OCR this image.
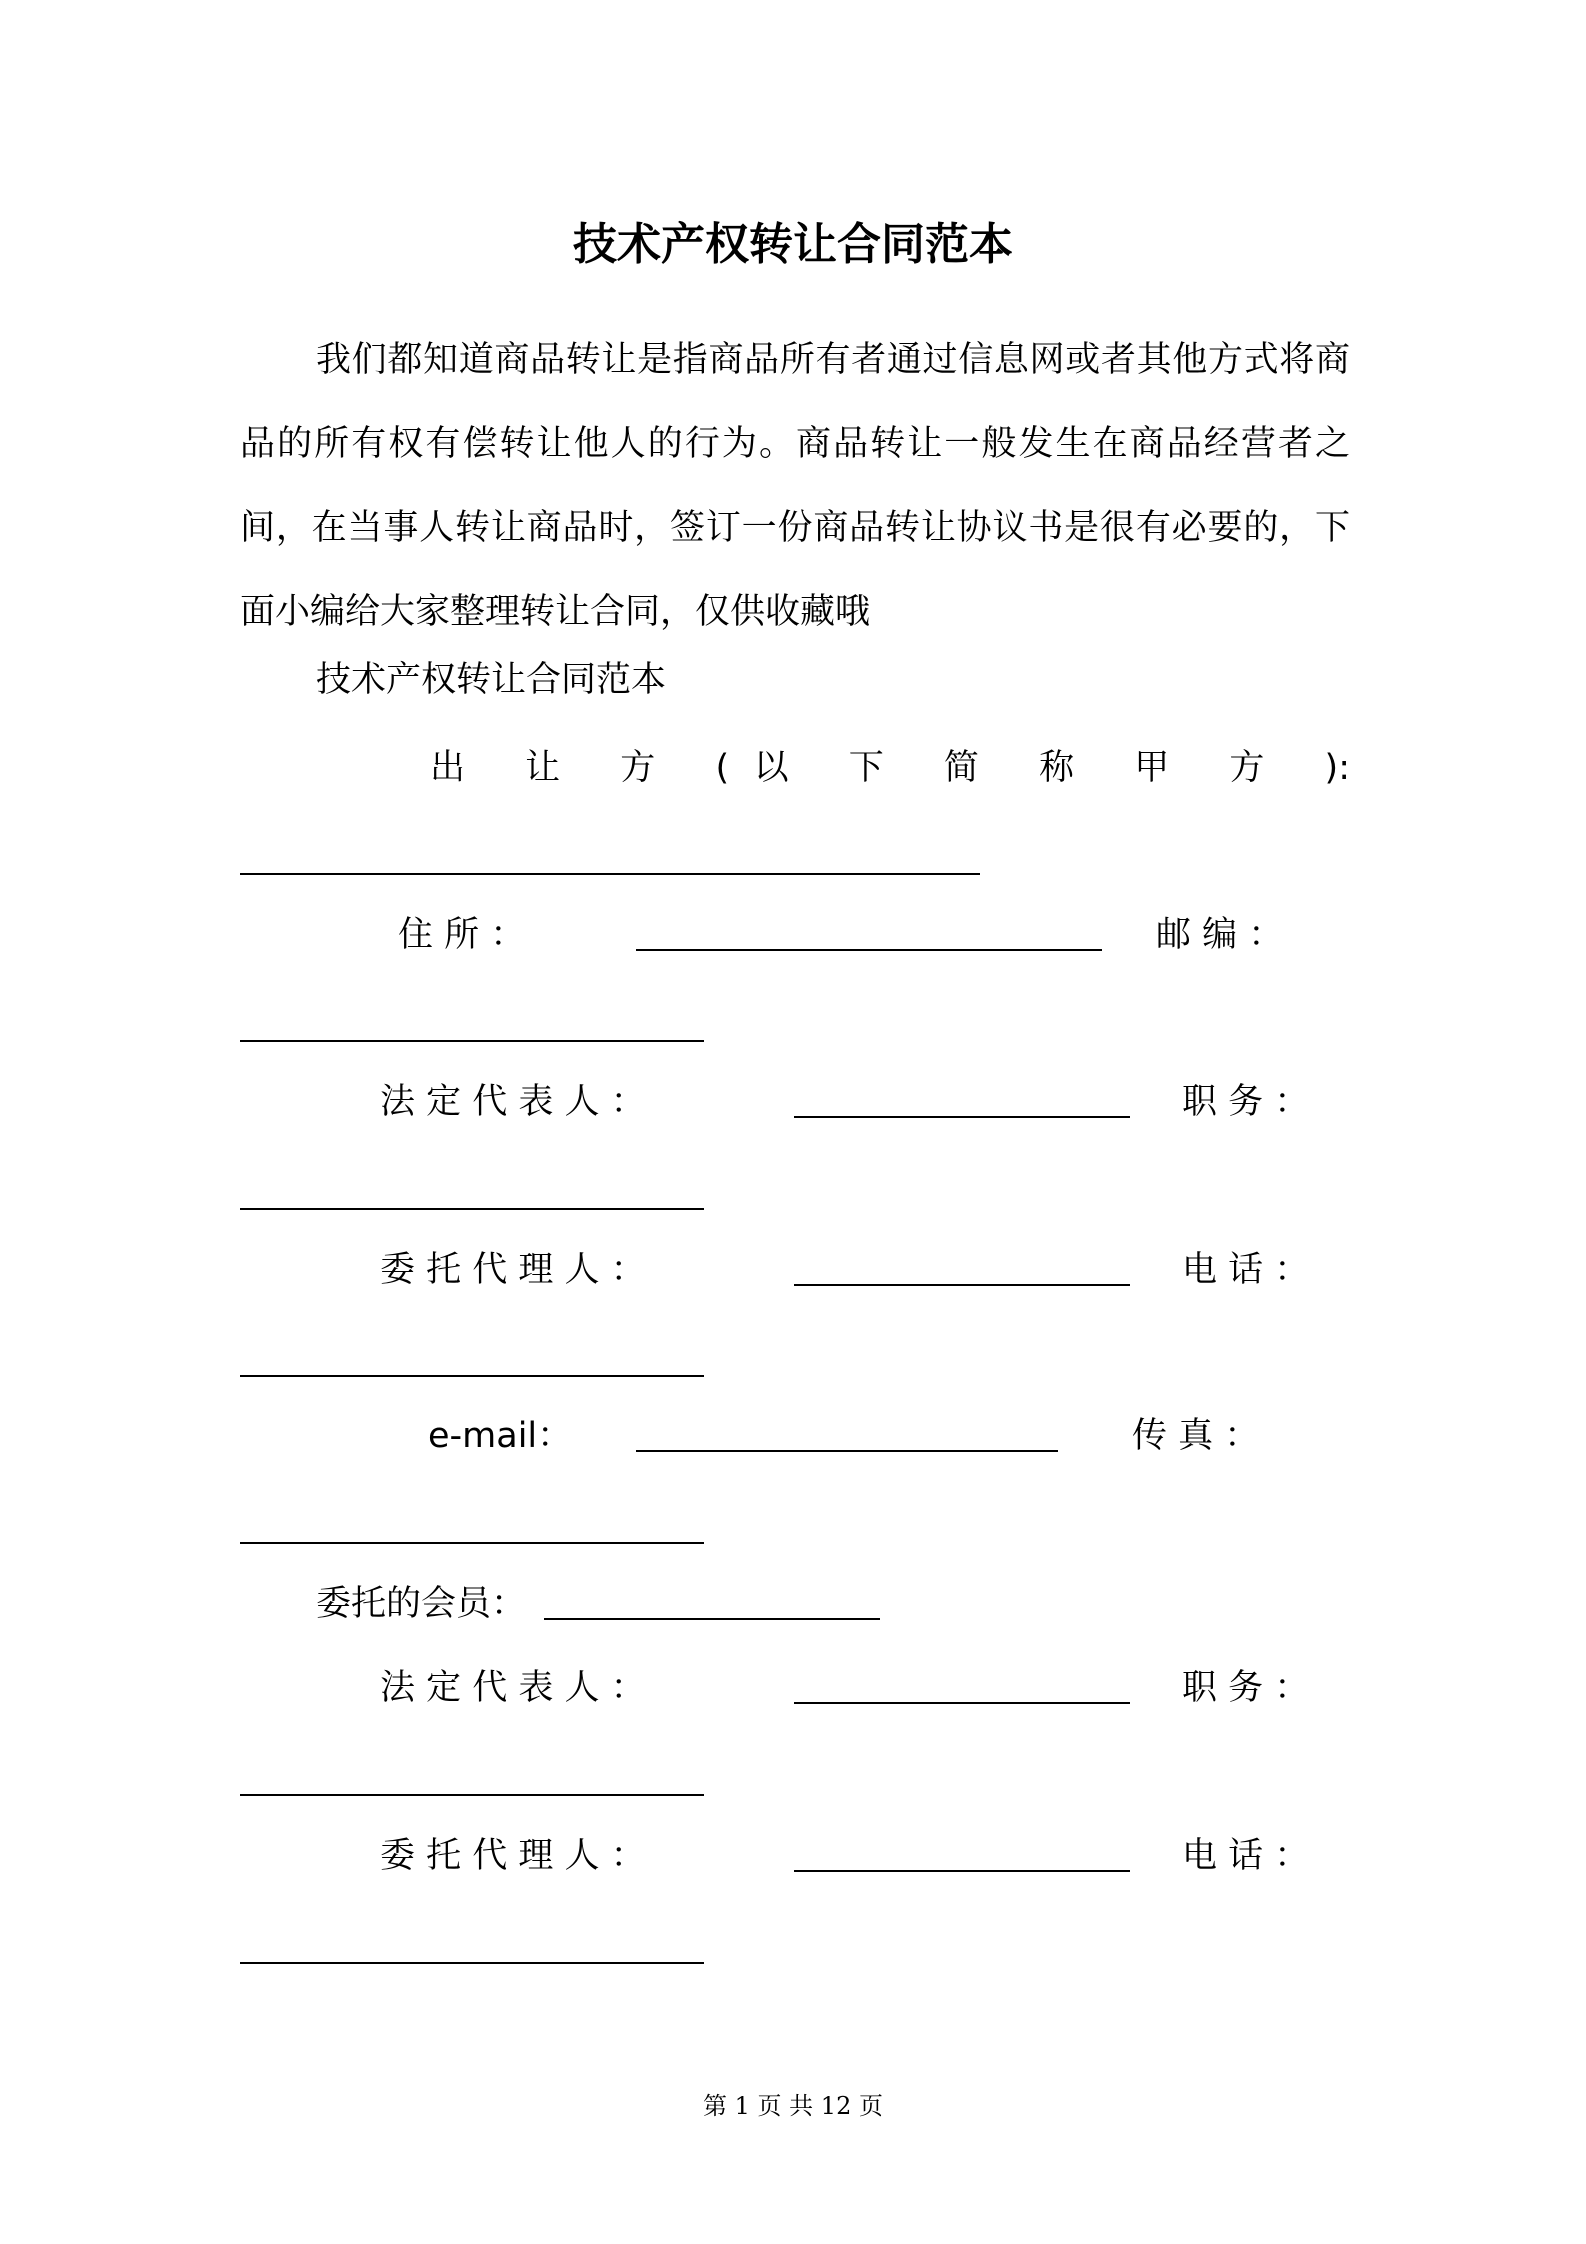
技术产权转让合同范本

我们都知道商品转让是指商品所有者通过信息网或者其他方式将商品的所有权有偿转让他人的行为。商品转让一般发生在商品经营者之间，在当事人转让商品时，签订一份商品转让协议书是很有必要的，下面小编给大家整理转让合同，仅供收藏哦

技术产权转让合同范本
出 让 方 (以 下 简 称 甲 方 ):
住 所 ：	邮 编 ：
法 定 代 表 人 ：	职 务 ：
委 托 代 理 人 ：	电 话 ：
e-mail：	传 真 ：
委托的会员：
法 定 代 表 人 ：	职 务 ：
委 托 代 理 人 ：	电 话 ：
第 1 页 共 12 页
